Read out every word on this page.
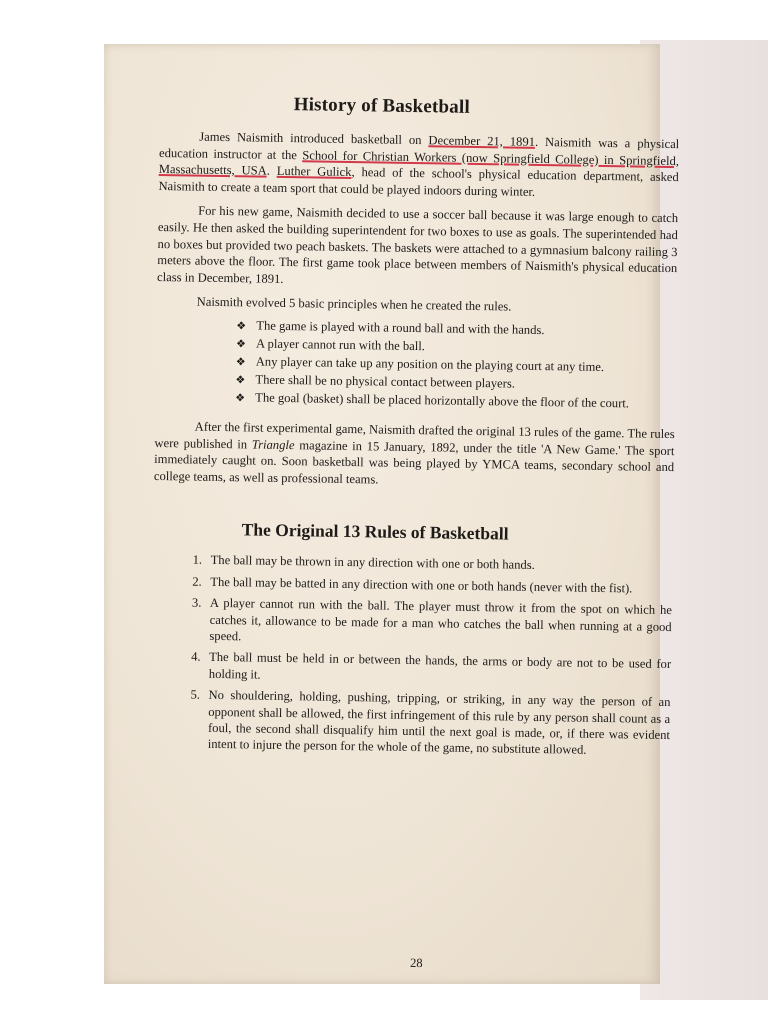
History of Basketball

James Naismith introduced basketball on December 21, 1891. Naismith was a physical education instructor at the School for Christian Workers (now Springfield College) in Springfield, Massachusetts, USA. Luther Gulick, head of the school's physical education department, asked Naismith to create a team sport that could be played indoors during winter.

For his new game, Naismith decided to use a soccer ball because it was large enough to catch easily. He then asked the building superintendent for two boxes to use as goals. The superintended had no boxes but provided two peach baskets. The baskets were attached to a gymnasium balcony railing 3 meters above the floor. The first game took place between members of Naismith's physical education class in December, 1891.

Naismith evolved 5 basic principles when he created the rules.

❖ The game is played with a round ball and with the hands.
❖ A player cannot run with the ball.
❖ Any player can take up any position on the playing court at any time.
❖ There shall be no physical contact between players.
❖ The goal (basket) shall be placed horizontally above the floor of the court.

After the first experimental game, Naismith drafted the original 13 rules of the game. The rules were published in Triangle magazine in 15 January, 1892, under the title 'A New Game.' The sport immediately caught on. Soon basketball was being played by YMCA teams, secondary school and college teams, as well as professional teams.

The Original 13 Rules of Basketball
1. The ball may be thrown in any direction with one or both hands.
2. The ball may be batted in any direction with one or both hands (never with the fist).
3. A player cannot run with the ball. The player must throw it from the spot on which he catches it, allowance to be made for a man who catches the ball when running at a good speed.
4. The ball must be held in or between the hands, the arms or body are not to be used for holding it.
5. No shouldering, holding, pushing, tripping, or striking, in any way the person of an opponent shall be allowed, the first infringement of this rule by any person shall count as a foul, the second shall disqualify him until the next goal is made, or, if there was evident intent to injure the person for the whole of the game, no substitute allowed.
28
